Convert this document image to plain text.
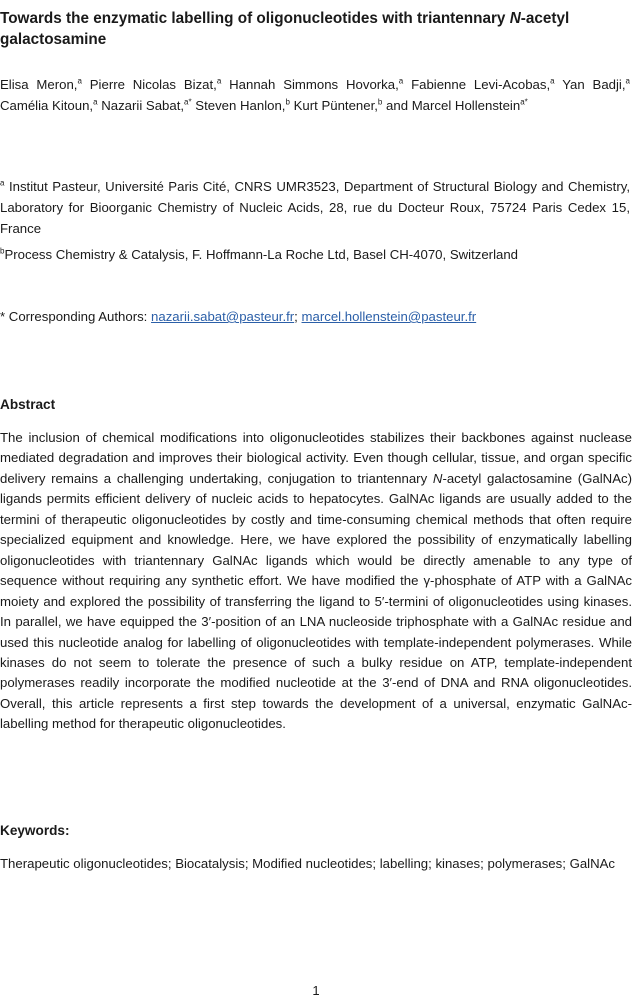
Towards the enzymatic labelling of oligonucleotides with triantennary N-acetyl galactosamine

Elisa Meron,$^a$ Pierre Nicolas Bizat,$^a$ Hannah Simmons Hovorka,$^a$ Fabienne Levi-Acobas,$^a$ Yan Badji,$^a$ Camélia Kitoun,$^a$ Nazarii Sabat,$^{a*}$ Steven Hanlon,$^b$ Kurt Püntener,$^b$ and Marcel Hollenstein$^{a*}$

$^a$ Institut Pasteur, Université Paris Cité, CNRS UMR3523, Department of Structural Biology and Chemistry, Laboratory for Bioorganic Chemistry of Nucleic Acids, 28, rue du Docteur Roux, 75724 Paris Cedex 15, France

$^b$Process Chemistry & Catalysis, F. Hoffmann-La Roche Ltd, Basel CH-4070, Switzerland

* Corresponding Authors: nazarii.sabat@pasteur.fr; marcel.hollenstein@pasteur.fr

Abstract

The inclusion of chemical modifications into oligonucleotides stabilizes their backbones against nuclease mediated degradation and improves their biological activity. Even though cellular, tissue, and organ specific delivery remains a challenging undertaking, conjugation to triantennary N-acetyl galactosamine (GalNAc) ligands permits efficient delivery of nucleic acids to hepatocytes. GalNAc ligands are usually added to the termini of therapeutic oligonucleotides by costly and time-consuming chemical methods that often require specialized equipment and knowledge. Here, we have explored the possibility of enzymatically labelling oligonucleotides with triantennary GalNAc ligands which would be directly amenable to any type of sequence without requiring any synthetic effort. We have modified the γ-phosphate of ATP with a GalNAc moiety and explored the possibility of transferring the ligand to 5′-termini of oligonucleotides using kinases. In parallel, we have equipped the 3′-position of an LNA nucleoside triphosphate with a GalNAc residue and used this nucleotide analog for labelling of oligonucleotides with template-independent polymerases. While kinases do not seem to tolerate the presence of such a bulky residue on ATP, template-independent polymerases readily incorporate the modified nucleotide at the 3′-end of DNA and RNA oligonucleotides. Overall, this article represents a first step towards the development of a universal, enzymatic GalNAc-labelling method for therapeutic oligonucleotides.

Keywords:

Therapeutic oligonucleotides; Biocatalysis; Modified nucleotides; labelling; kinases; polymerases; GalNAc

1
